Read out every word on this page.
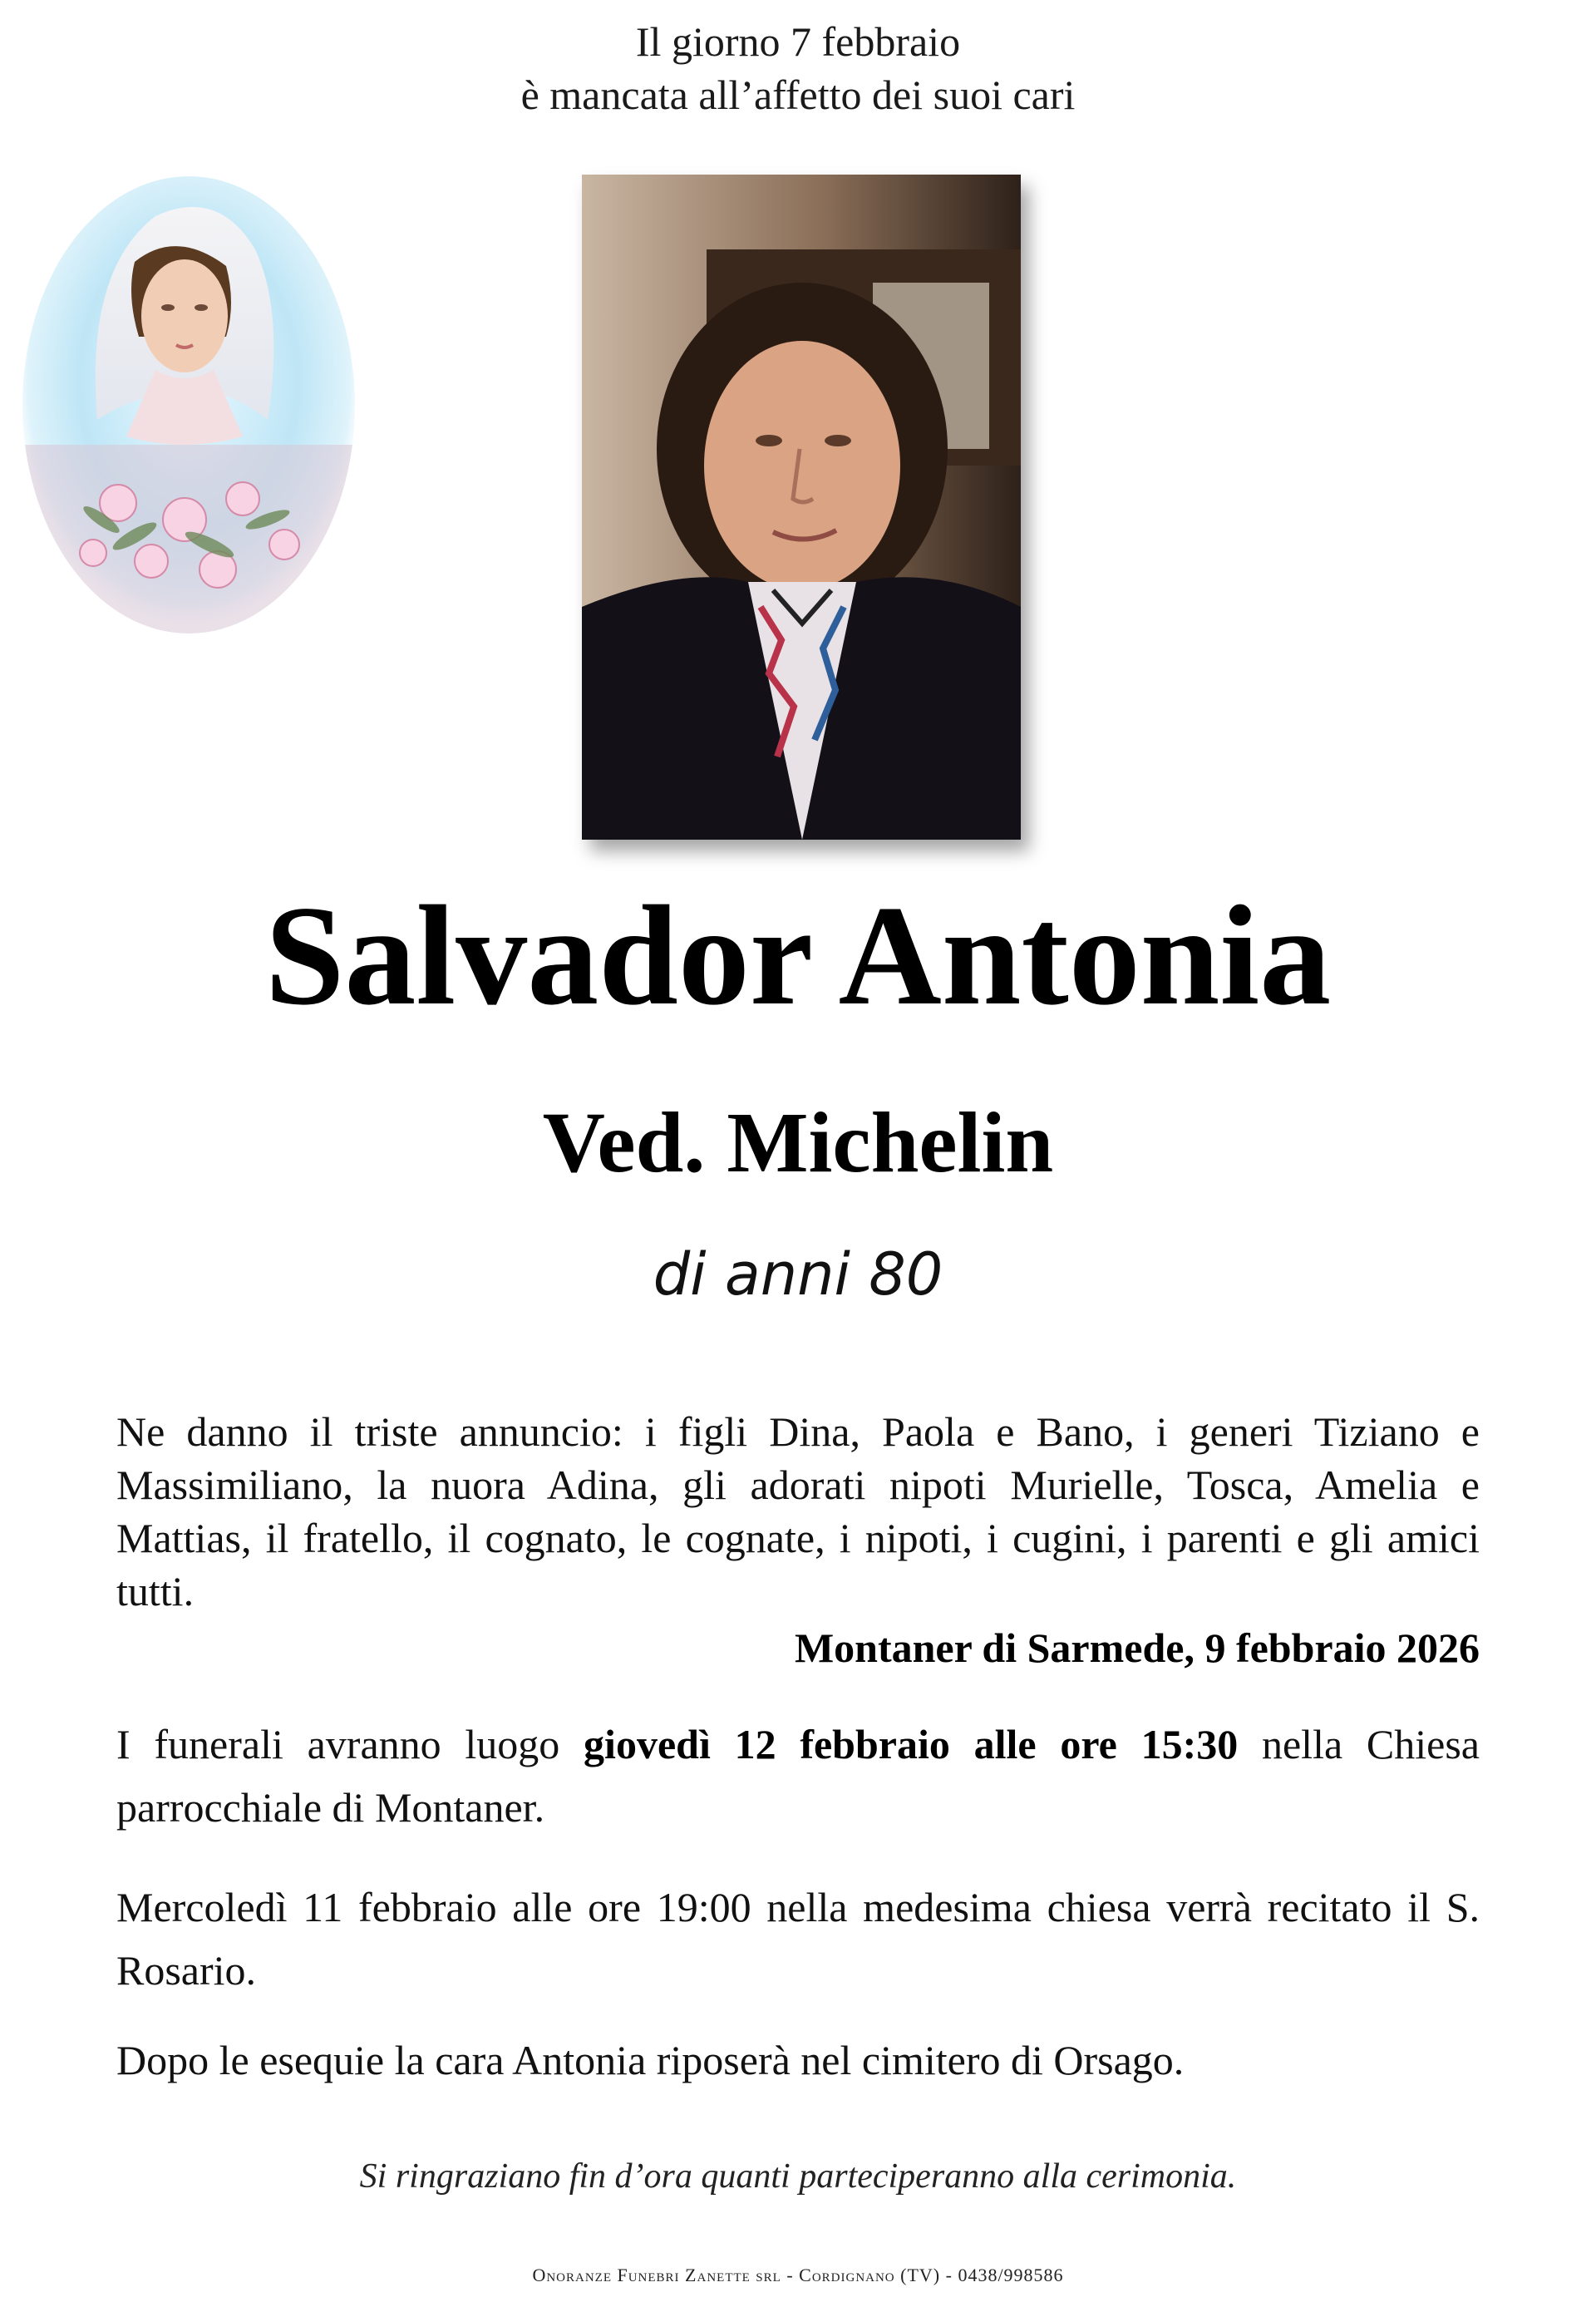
Il giorno 7 febbraio
è mancata all’affetto dei suoi cari
Salvador Antonia
Ved. Michelin
di anni 80
Ne danno il triste annuncio: i figli Dina, Paola e Bano, i generi Tiziano e Massimiliano, la nuora Adina, gli adorati nipoti Murielle, Tosca, Amelia e Mattias, il fratello, il cognato, le cognate, i nipoti, i cugini, i parenti e gli amici tutti.
Montaner di Sarmede, 9 febbraio 2026
I funerali avranno luogo giovedì 12 febbraio alle ore 15:30 nella Chiesa parrocchiale di Montaner.
Mercoledì 11 febbraio alle ore 19:00 nella medesima chiesa verrà recitato il S. Rosario.
Dopo le esequie la cara Antonia riposerà nel cimitero di Orsago.
Si ringraziano fin d’ora quanti parteciperanno alla cerimonia.
Onoranze Funebri Zanette srl - Cordignano (TV) - 0438/998586
